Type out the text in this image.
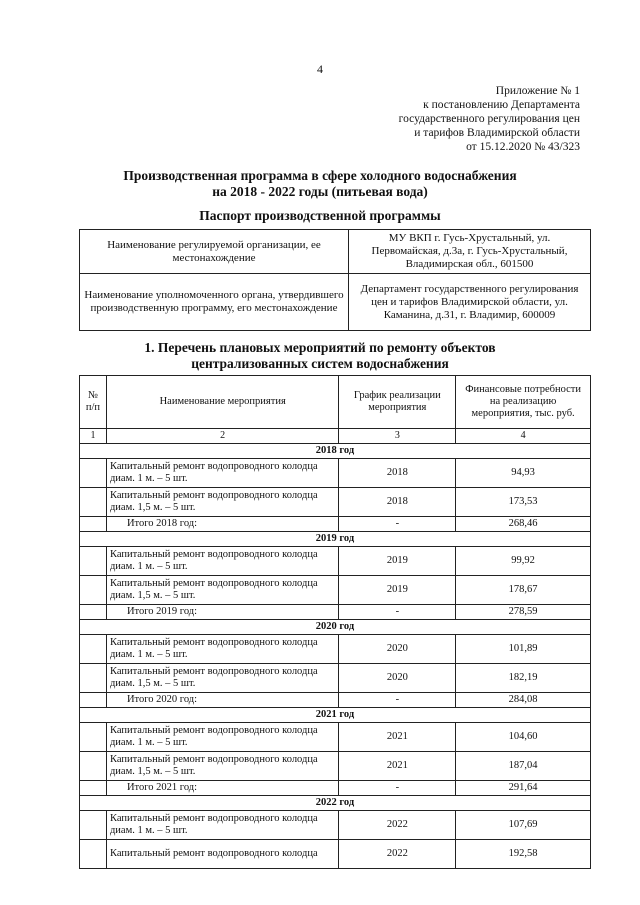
4
Приложение № 1
к постановлению Департамента
государственного регулирования цен
и тарифов Владимирской области
от 15.12.2020 № 43/323
Производственная программа в сфере холодного водоснабжения
на 2018 - 2022 годы (питьевая вода)
Паспорт производственной программы
Наименование регулируемой организации, ее местонахождение	МУ ВКП г. Гусь-Хрустальный, ул. Первомайская, д.3а, г. Гусь-Хрустальный, Владимирская обл., 601500
Наименование уполномоченного органа, утвердившего производственную программу, его местонахождение	Департамент государственного регулирования цен и тарифов Владимирской области, ул. Каманина, д.31, г. Владимир, 600009
1. Перечень плановых мероприятий по ремонту объектов
централизованных систем водоснабжения
№ п/п	Наименование мероприятия	График реализации мероприятия	Финансовые потребности на реализацию мероприятия, тыс. руб.
1	2	3	4
2018 год			
	Капитальный ремонт водопроводного колодца диам. 1 м. – 5 шт.	2018	94,93
	Капитальный ремонт водопроводного колодца диам. 1,5 м. – 5 шт.	2018	173,53
	Итого 2018 год:	-	268,46
2019 год			
	Капитальный ремонт водопроводного колодца диам. 1 м. – 5 шт.	2019	99,92
	Капитальный ремонт водопроводного колодца диам. 1,5 м. – 5 шт.	2019	178,67
	Итого 2019 год:	-	278,59
2020 год			
	Капитальный ремонт водопроводного колодца диам. 1 м. – 5 шт.	2020	101,89
	Капитальный ремонт водопроводного колодца диам. 1,5 м. – 5 шт.	2020	182,19
	Итого 2020 год:	-	284,08
2021 год			
	Капитальный ремонт водопроводного колодца диам. 1 м. – 5 шт.	2021	104,60
	Капитальный ремонт водопроводного колодца диам. 1,5 м. – 5 шт.	2021	187,04
	Итого 2021 год:	-	291,64
2022 год			
	Капитальный ремонт водопроводного колодца диам. 1 м. – 5 шт.	2022	107,69
	Капитальный ремонт водопроводного колодца	2022	192,58
